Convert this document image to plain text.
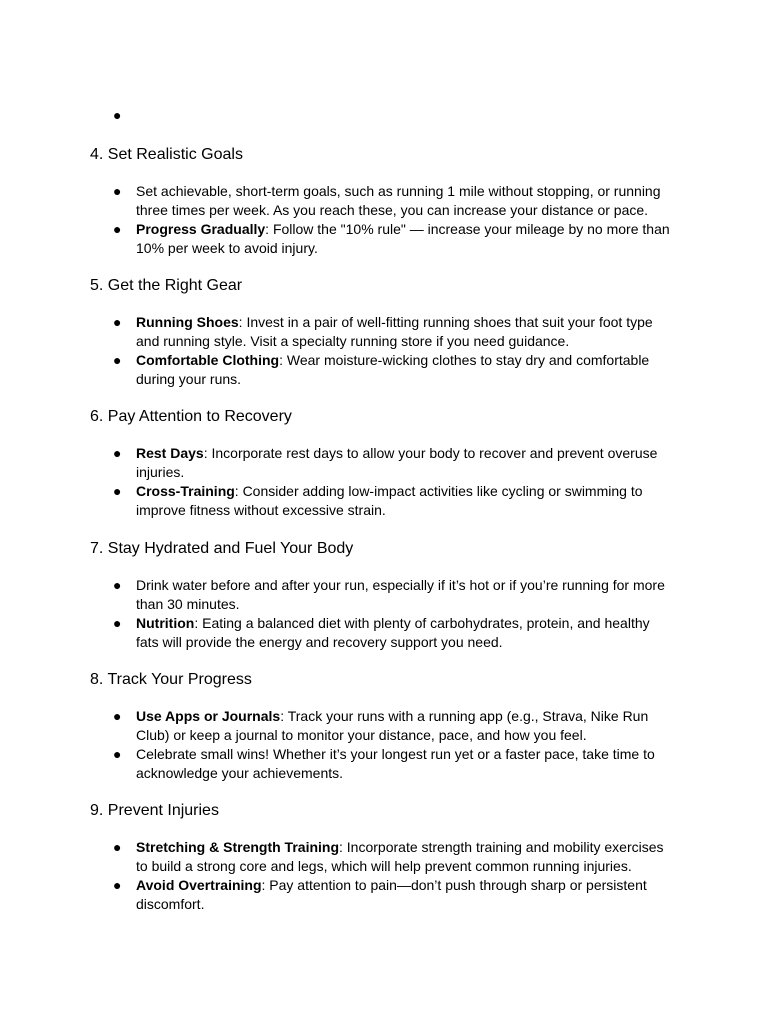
●
4. Set Realistic Goals
● Set achievable, short-term goals, such as running 1 mile without stopping, or running three times per week. As you reach these, you can increase your distance or pace.
● Progress Gradually: Follow the "10% rule" — increase your mileage by no more than 10% per week to avoid injury.
5. Get the Right Gear
● Running Shoes: Invest in a pair of well-fitting running shoes that suit your foot type and running style. Visit a specialty running store if you need guidance.
● Comfortable Clothing: Wear moisture-wicking clothes to stay dry and comfortable during your runs.
6. Pay Attention to Recovery
● Rest Days: Incorporate rest days to allow your body to recover and prevent overuse injuries.
● Cross-Training: Consider adding low-impact activities like cycling or swimming to improve fitness without excessive strain.
7. Stay Hydrated and Fuel Your Body
● Drink water before and after your run, especially if it’s hot or if you’re running for more than 30 minutes.
● Nutrition: Eating a balanced diet with plenty of carbohydrates, protein, and healthy fats will provide the energy and recovery support you need.
8. Track Your Progress
● Use Apps or Journals: Track your runs with a running app (e.g., Strava, Nike Run Club) or keep a journal to monitor your distance, pace, and how you feel.
● Celebrate small wins! Whether it’s your longest run yet or a faster pace, take time to acknowledge your achievements.
9. Prevent Injuries
● Stretching & Strength Training: Incorporate strength training and mobility exercises to build a strong core and legs, which will help prevent common running injuries.
● Avoid Overtraining: Pay attention to pain—don’t push through sharp or persistent discomfort.
